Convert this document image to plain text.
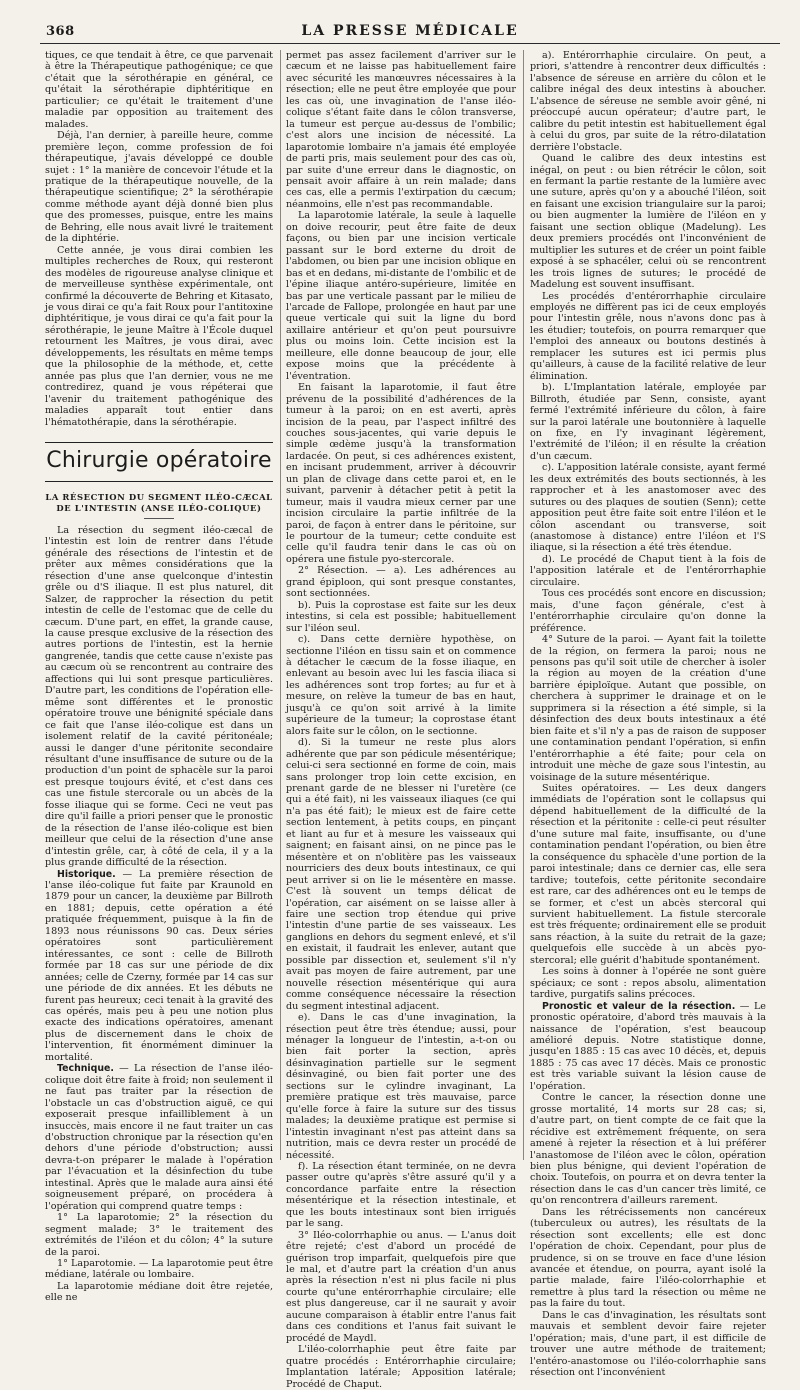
368	LA PRESSE MÉDICALE

tiques, ce que tendait à être, ce que parvenait à être la Thérapeutique pathogénique; ce que c'était que la sérothérapie en général, ce qu'était la sérothérapie diphtéritique en particulier; ce qu'était le traitement d'une maladie par opposition au traitement des malades.

Déjà, l'an dernier, à pareille heure, comme première leçon, comme profession de foi thérapeutique, j'avais développé ce double sujet : 1° la manière de concevoir l'étude et la pratique de la thérapeutique nouvelle, de la thérapeutique scientifique; 2° la sérothérapie comme méthode ayant déjà donné bien plus que des promesses, puisque, entre les mains de Behring, elle nous avait livré le traitement de la diphtérie.

Cette année, je vous dirai combien les multiples recherches de Roux, qui resteront des modèles de rigoureuse analyse clinique et de merveilleuse synthèse expérimentale, ont confirmé la découverte de Behring et Kitasato, je vous dirai ce qu'a fait Roux pour l'antitoxine diphtéritique, je vous dirai ce qu'a fait pour la sérothérapie, le jeune Maître à l'École duquel retournent les Maîtres, je vous dirai, avec développements, les résultats en même temps que la philosophie de la méthode, et, cette année pas plus que l'an dernier, vous ne me contredirez, quand je vous répéterai que l'avenir du traitement pathogénique des maladies apparaît tout entier dans l'hématothérapie, dans la sérothérapie.

Chirurgie opératoire
LA RÉSECTION DU SEGMENT ILÉO-CÆCAL DE L'INTESTIN (ANSE ILÉO-COLIQUE)

La résection du segment iléo-cæcal de l'intestin est loin de rentrer dans l'étude générale des résections de l'intestin et de prêter aux mêmes considérations que la résection d'une anse quelconque d'intestin grêle ou d'S iliaque. Il est plus naturel, dit Salzer, de rapprocher la résection du petit intestin de celle de l'estomac que de celle du cæcum. D'une part, en effet, la grande cause, la cause presque exclusive de la résection des autres portions de l'intestin, est la hernie gangrenée, tandis que cette cause n'existe pas au cæcum où se rencontrent au contraire des affections qui lui sont presque particulières. D'autre part, les conditions de l'opération elle-même sont différentes et le pronostic opératoire trouve une bénignité spéciale dans ce fait que l'anse iléo-colique est dans un isolement relatif de la cavité péritonéale; aussi le danger d'une péritonite secondaire résultant d'une insuffisance de suture ou de la production d'un point de sphacèle sur la paroi est presque toujours évité, et c'est dans ces cas une fistule stercorale ou un abcès de la fosse iliaque qui se forme. Ceci ne veut pas dire qu'il faille a priori penser que le pronostic de la résection de l'anse iléo-colique est bien meilleur que celui de la résection d'une anse d'intestin grêle, car, à côté de cela, il y a la plus grande difficulté de la résection.

Historique. — La première résection de l'anse iléo-colique fut faite par Kraunold en 1879 pour un cancer, la deuxième par Billroth en 1881; depuis, cette opération a été pratiquée fréquemment, puisque à la fin de 1893 nous réunissons 90 cas. Deux séries opératoires sont particulièrement intéressantes, ce sont : celle de Billroth formée par 18 cas sur une période de dix années; celle de Czerny, formée par 14 cas sur une période de dix années. Et les débuts ne furent pas heureux; ceci tenait à la gravité des cas opérés, mais peu à peu une notion plus exacte des indications opératoires, amenant plus de discernement dans le choix de l'intervention, fit énormément diminuer la mortalité.

Technique. — La résection de l'anse iléo-colique doit être faite à froid; non seulement il ne faut pas traiter par la résection de l'obstacle un cas d'obstruction aiguë, ce qui exposerait presque infailliblement à un insuccès, mais encore il ne faut traiter un cas d'obstruction chronique par la résection qu'en dehors d'une période d'obstruction; aussi devra-t-on préparer le malade à l'opération par l'évacuation et la désinfection du tube intestinal. Après que le malade aura ainsi été soigneusement préparé, on procédera à l'opération qui comprend quatre temps :

1° La laparotomie; 2° la résection du segment malade; 3° le traitement des extrémités de l'iléon et du côlon; 4° la suture de la paroi.

1° Laparotomie. — La laparotomie peut être médiane, latérale ou lombaire.

La laparotomie médiane doit être rejetée, elle ne

permet pas assez facilement d'arriver sur le cæcum et ne laisse pas habituellement faire avec sécurité les manœuvres nécessaires à la résection; elle ne peut être employée que pour les cas où, une invagination de l'anse iléo-colique s'étant faite dans le côlon transverse, la tumeur est perçue au-dessus de l'ombilic; c'est alors une incision de nécessité. La laparotomie lombaire n'a jamais été employée de parti pris, mais seulement pour des cas où, par suite d'une erreur dans le diagnostic, on pensait avoir affaire à un rein malade; dans ces cas, elle a permis l'extirpation du cæcum; néanmoins, elle n'est pas recommandable.

La laparotomie latérale, la seule à laquelle on doive recourir, peut être faite de deux façons, ou bien par une incision verticale passant sur le bord externe du droit de l'abdomen, ou bien par une incision oblique en bas et en dedans, mi-distante de l'ombilic et de l'épine iliaque antéro-supérieure, limitée en bas par une verticale passant par le milieu de l'arcade de Fallope, prolongée en haut par une queue verticale qui suit la ligne du bord axillaire antérieur et qu'on peut poursuivre plus ou moins loin. Cette incision est la meilleure, elle donne beaucoup de jour, elle expose moins que la précédente à l'éventration.

En faisant la laparotomie, il faut être prévenu de la possibilité d'adhérences de la tumeur à la paroi; on en est averti, après incision de la peau, par l'aspect infiltré des couches sous-jacentes, qui varie depuis le simple œdème jusqu'à la transformation lardacée. On peut, si ces adhérences existent, en incisant prudemment, arriver à découvrir un plan de clivage dans cette paroi et, en le suivant, parvenir à détacher petit à petit la tumeur, mais il vaudra mieux cerner par une incision circulaire la partie infiltrée de la paroi, de façon à entrer dans le péritoine, sur le pourtour de la tumeur; cette conduite est celle qu'il faudra tenir dans le cas où on opérera une fistule pyo-stercorale.

2° Résection. — a). Les adhérences au grand épiploon, qui sont presque constantes, sont sectionnées.

b). Puis la coprostase est faite sur les deux intestins, si cela est possible; habituellement sur l'iléon seul.

c). Dans cette dernière hypothèse, on sectionne l'iléon en tissu sain et on commence à détacher le cæcum de la fosse iliaque, en enlevant au besoin avec lui les fascia iliaca si les adhérences sont trop fortes; au fur et à mesure, on relève la tumeur de bas en haut, jusqu'à ce qu'on soit arrivé à la limite supérieure de la tumeur; la coprostase étant alors faite sur le côlon, on le sectionne.

d). Si la tumeur ne reste plus alors adhérente que par son pédicule mésentérique; celui-ci sera sectionné en forme de coin, mais sans prolonger trop loin cette excision, en prenant garde de ne blesser ni l'uretère (ce qui a été fait), ni les vaisseaux iliaques (ce qui n'a pas été fait); le mieux est de faire cette section lentement, à petits coups, en pinçant et liant au fur et à mesure les vaisseaux qui saignent; en faisant ainsi, on ne pince pas le mésentère et on n'oblitère pas les vaisseaux nourriciers des deux bouts intestinaux, ce qui peut arriver si on lie le mésentère en masse. C'est là souvent un temps délicat de l'opération, car aisément on se laisse aller à faire une section trop étendue qui prive l'intestin d'une partie de ses vaisseaux. Les ganglions en dehors du segment enlevé, et s'il en existait, il faudrait les enlever, autant que possible par dissection et, seulement s'il n'y avait pas moyen de faire autrement, par une nouvelle résection mésentérique qui aura comme conséquence nécessaire la résection du segment intestinal adjacent.

e). Dans le cas d'une invagination, la résection peut être très étendue; aussi, pour ménager la longueur de l'intestin, a-t-on ou bien fait porter la section, après désinvagination partielle sur le segment désinvaginé, ou bien fait porter une des sections sur le cylindre invaginant, La première pratique est très mauvaise, parce qu'elle force à faire la suture sur des tissus malades; la deuxième pratique est permise si l'intestin invaginant n'est pas atteint dans sa nutrition, mais ce devra rester un procédé de nécessité.

f). La résection étant terminée, on ne devra passer outre qu'après s'être assuré qu'il y a concordance parfaite entre la résection mésentérique et la résection intestinale, et que les bouts intestinaux sont bien irrigués par le sang.

3° Iléo-colorrhaphie ou anus. — L'anus doit être rejeté; c'est d'abord un procédé de guérison trop imparfait, quelquefois pire que le mal, et d'autre part la création d'un anus après la résection n'est ni plus facile ni plus courte qu'une entérorrhaphie circulaire; elle est plus dangereuse, car il ne saurait y avoir aucune comparaison à établir entre l'anus fait dans ces conditions et l'anus fait suivant le procédé de Maydl.

L'iléo-colorrhaphie peut être faite par quatre procédés : Entérorrhaphie circulaire; Implantation latérale; Apposition latérale; Procédé de Chaput.

a). Entérorrhaphie circulaire. On peut, a priori, s'attendre à rencontrer deux difficultés : l'absence de séreuse en arrière du côlon et le calibre inégal des deux intestins à aboucher. L'absence de séreuse ne semble avoir gêné, ni préoccupé aucun opérateur; d'autre part, le calibre du petit intestin est habituellement égal à celui du gros, par suite de la rétro-dilatation derrière l'obstacle.

Quand le calibre des deux intestins est inégal, on peut : ou bien rétrécir le côlon, soit en fermant la partie restante de la lumière avec une suture, après qu'on y a abouché l'iléon, soit en faisant une excision triangulaire sur la paroi; ou bien augmenter la lumière de l'iléon en y faisant une section oblique (Madelung). Les deux premiers procédés ont l'inconvénient de multiplier les sutures et de créer un point faible exposé à se sphacéler, celui où se rencontrent les trois lignes de sutures; le procédé de Madelung est souvent insuffisant.

Les procédés d'entérorrhaphie circulaire employés ne diffèrent pas ici de ceux employés pour l'intestin grêle, nous n'avons donc pas à les étudier; toutefois, on pourra remarquer que l'emploi des anneaux ou boutons destinés à remplacer les sutures est ici permis plus qu'ailleurs, à cause de la facilité relative de leur élimination.

b). L'Implantation latérale, employée par Billroth, étudiée par Senn, consiste, ayant fermé l'extrémité inférieure du côlon, à faire sur la paroi latérale une boutonnière à laquelle on fixe, en l'y invaginant légèrement, l'extrémité de l'iléon; il en résulte la création d'un cæcum.

c). L'apposition latérale consiste, ayant fermé les deux extrémités des bouts sectionnés, à les rapprocher et à les anastomoser avec des sutures ou des plaques de soutien (Senn); cette apposition peut être faite soit entre l'iléon et le côlon ascendant ou transverse, soit (anastomose à distance) entre l'iléon et l'S iliaque, si la résection a été très étendue.

d). Le procédé de Chaput tient à la fois de l'apposition latérale et de l'entérorrhaphie circulaire.

Tous ces procédés sont encore en discussion; mais, d'une façon générale, c'est à l'entérorrhaphie circulaire qu'on donne la préférence.

4° Suture de la paroi. — Ayant fait la toilette de la région, on fermera la paroi; nous ne pensons pas qu'il soit utile de chercher à isoler la région au moyen de la création d'une barrière épiploïque. Autant que possible, on cherchera à supprimer le drainage et on le supprimera si la résection a été simple, si la désinfection des deux bouts intestinaux a été bien faite et s'il n'y a pas de raison de supposer une contamination pendant l'opération, si enfin l'entérorrhaphie a été faite; pour cela on introduit une mèche de gaze sous l'intestin, au voisinage de la suture mésentérique.

Suites opératoires. — Les deux dangers immédiats de l'opération sont le collapsus qui dépend habituellement de la difficulté de la résection et la péritonite : celle-ci peut résulter d'une suture mal faite, insuffisante, ou d'une contamination pendant l'opération, ou bien être la conséquence du sphacèle d'une portion de la paroi intestinale; dans ce dernier cas, elle sera tardive; toutefois, cette péritonite secondaire est rare, car des adhérences ont eu le temps de se former, et c'est un abcès stercoral qui survient habituellement. La fistule stercorale est très fréquente; ordinairement elle se produit sans réaction, à la suite du retrait de la gaze; quelquefois elle succède à un abcès pyo-stercoral; elle guérit d'habitude spontanément.

Les soins à donner à l'opérée ne sont guère spéciaux; ce sont : repos absolu, alimentation tardive, purgatifs salins précoces.

Pronostic et valeur de la résection. — Le pronostic opératoire, d'abord très mauvais à la naissance de l'opération, s'est beaucoup amélioré depuis. Notre statistique donne, jusqu'en 1885 : 15 cas avec 10 décès, et, depuis 1885 : 75 cas avec 17 décès. Mais ce pronostic est très variable suivant la lésion cause de l'opération.

Contre le cancer, la résection donne une grosse mortalité, 14 morts sur 28 cas; si, d'autre part, on tient compte de ce fait que la récidive est extrêmement fréquente, on sera amené à rejeter la résection et à lui préférer l'anastomose de l'iléon avec le côlon, opération bien plus bénigne, qui devient l'opération de choix. Toutefois, on pourra et on devra tenter la résection dans le cas d'un cancer très limité, ce qu'on rencontrera d'ailleurs rarement.

Dans les rétrécissements non cancéreux (tuberculeux ou autres), les résultats de la résection sont excellents; elle est donc l'opération de choix. Cependant, pour plus de prudence, si on se trouve en face d'une lésion avancée et étendue, on pourra, ayant isolé la partie malade, faire l'iléo-colorrhaphie et remettre à plus tard la résection ou même ne pas la faire du tout.

Dans le cas d'invagination, les résultats sont mauvais et semblent devoir faire rejeter l'opération; mais, d'une part, il est difficile de trouver une autre méthode de traitement; l'entéro-anastomose ou l'iléo-colorrhaphie sans résection ont l'inconvénient
